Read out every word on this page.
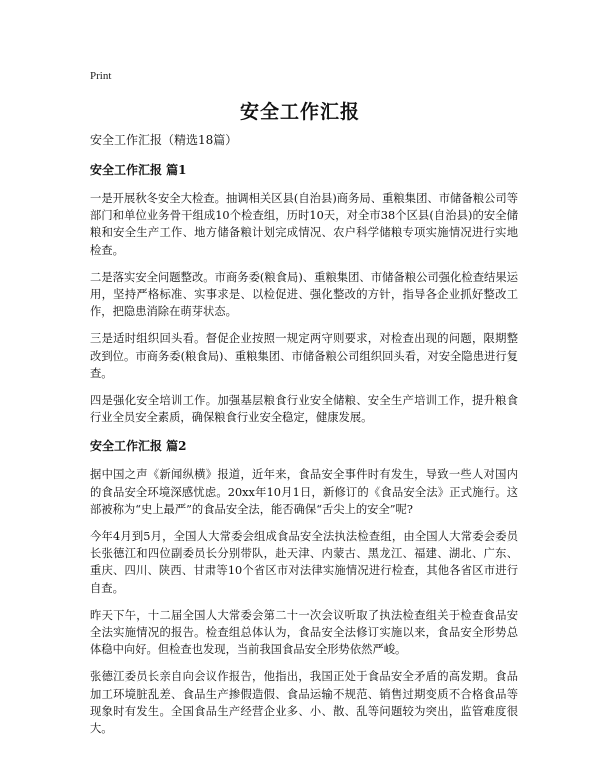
Print
安全工作汇报
安全工作汇报（精选18篇）
安全工作汇报 篇1

一是开展秋冬安全大检查。抽调相关区县(自治县)商务局、重粮集团、市储备粮公司等部门和单位业务骨干组成10个检查组，历时10天，对全市38个区县(自治县)的安全储粮和安全生产工作、地方储备粮计划完成情况、农户科学储粮专项实施情况进行实地检查。

二是落实安全问题整改。市商务委(粮食局)、重粮集团、市储备粮公司强化检查结果运用，坚持严格标准、实事求是、以检促进、强化整改的方针，指导各企业抓好整改工作，把隐患消除在萌芽状态。

三是适时组织回头看。督促企业按照一规定两守则要求，对检查出现的问题，限期整改到位。市商务委(粮食局)、重粮集团、市储备粮公司组织回头看，对安全隐患进行复查。

四是强化安全培训工作。加强基层粮食行业安全储粮、安全生产培训工作，提升粮食行业全员安全素质，确保粮食行业安全稳定，健康发展。

安全工作汇报 篇2

据中国之声《新闻纵横》报道，近年来，食品安全事件时有发生，导致一些人对国内的食品安全环境深感忧虑。20xx年10月1日，新修订的《食品安全法》正式施行。这部被称为“史上最严”的食品安全法，能否确保“舌尖上的安全”呢?

今年4月到5月，全国人大常委会组成食品安全法执法检查组，由全国人大常委会委员长张德江和四位副委员长分别带队，赴天津、内蒙古、黑龙江、福建、湖北、广东、重庆、四川、陕西、甘肃等10个省区市对法律实施情况进行检查，其他各省区市进行自查。

昨天下午，十二届全国人大常委会第二十一次会议听取了执法检查组关于检查食品安全法实施情况的报告。检查组总体认为，食品安全法修订实施以来，食品安全形势总体稳中向好。但检查也发现，当前我国食品安全形势依然严峻。

张德江委员长亲自向会议作报告，他指出，我国正处于食品安全矛盾的高发期。食品加工环境脏乱差、食品生产掺假造假、食品运输不规范、销售过期变质不合格食品等现象时有发生。全国食品生产经营企业多、小、散、乱等问题较为突出，监管难度很大。
